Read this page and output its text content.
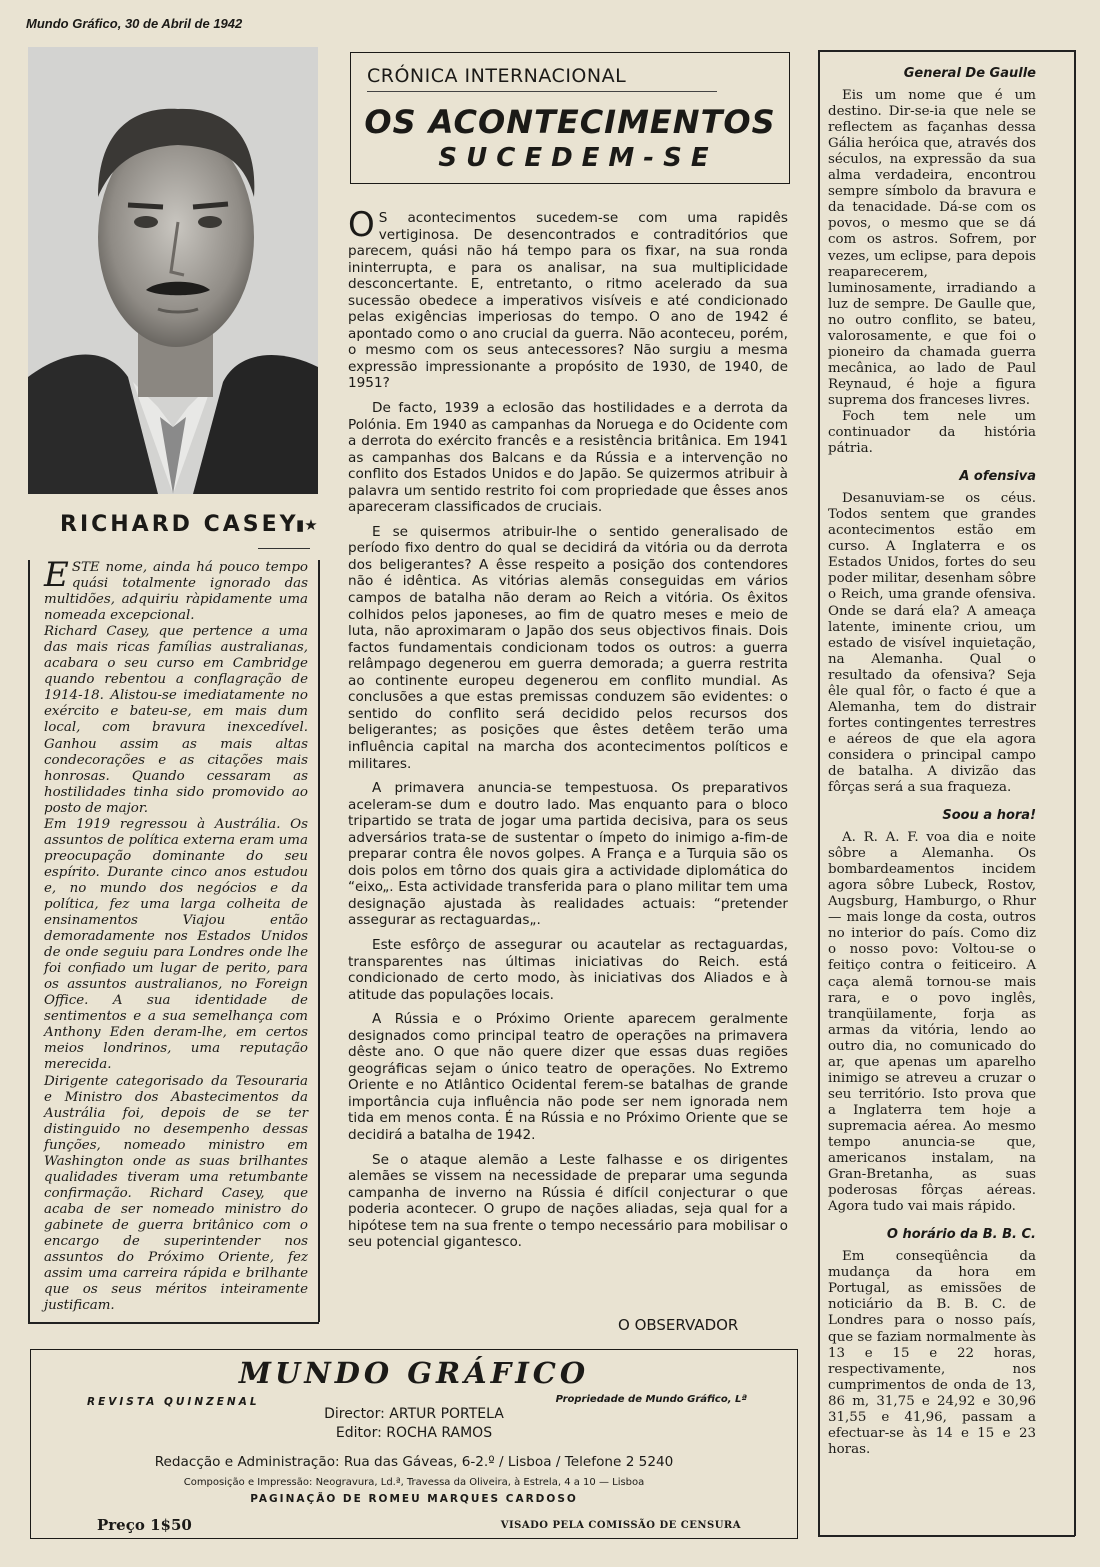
Mundo Gráfico, 30 de Abril de 1942
RICHARD CASEY
▮★

ESTE nome, ainda há pouco tempo quási totalmente ignorado das multidões, adquiriu ràpidamente uma nomeada excepcional.

Richard Casey, que pertence a uma das mais ricas famílias australianas, acabara o seu curso em Cambridge quando rebentou a conflagração de 1914-18. Alistou-se imediatamente no exército e bateu-se, em mais dum local, com bravura inexcedível. Ganhou assim as mais altas condecorações e as citações mais honrosas. Quando cessaram as hostilidades tinha sido promovido ao posto de major.

Em 1919 regressou à Austrália. Os assuntos de política externa eram uma preocupação dominante do seu espírito. Durante cinco anos estudou e, no mundo dos negócios e da política, fez uma larga colheita de ensinamentos Viajou então demoradamente nos Estados Unidos de onde seguiu para Londres onde lhe foi confiado um lugar de perito, para os assuntos australianos, no Foreign Office. A sua identidade de sentimentos e a sua semelhança com Anthony Eden deram-lhe, em certos meios londrinos, uma reputação merecida.

Dirigente categorisado da Tesouraria e Ministro dos Abastecimentos da Austrália foi, depois de se ter distinguido no desempenho dessas funções, nomeado ministro em Washington onde as suas brilhantes qualidades tiveram uma retumbante confirmação. Richard Casey, que acaba de ser nomeado ministro do gabinete de guerra britânico com o encargo de superintender nos assuntos do Próximo Oriente, fez assim uma carreira rápida e brilhante que os seus méritos inteiramente justificam.

CRÓNICA INTERNACIONAL
OS ACONTECIMENTOS
SUCEDEM-SE

O S acontecimentos sucedem-se com uma rapidês vertiginosa. De desencontrados e contraditórios que parecem, quási não há tempo para os fixar, na sua ronda ininterrupta, e para os analisar, na sua multiplicidade desconcertante. E, entretanto, o ritmo acelerado da sua sucessão obedece a imperativos visíveis e até condicionado pelas exigências imperiosas do tempo. O ano de 1942 é apontado como o ano crucial da guerra. Não aconteceu, porém, o mesmo com os seus antecessores? Não surgiu a mesma expressão impressionante a propósito de 1930, de 1940, de 1951?

De facto, 1939 a eclosão das hostilidades e a derrota da Polónia. Em 1940 as campanhas da Noruega e do Ocidente com a derrota do exército francês e a resistência britânica. Em 1941 as campanhas dos Balcans e da Rússia e a intervenção no conflito dos Estados Unidos e do Japão. Se quizermos atribuir à palavra um sentido restrito foi com propriedade que êsses anos apareceram classificados de cruciais.

E se quisermos atribuir-lhe o sentido generalisado de período fixo dentro do qual se decidirá da vitória ou da derrota dos beligerantes? A êsse respeito a posição dos contendores não é idêntica. As vitórias alemãs conseguidas em vários campos de batalha não deram ao Reich a vitória. Os êxitos colhidos pelos japoneses, ao fim de quatro meses e meio de luta, não aproximaram o Japão dos seus objectivos finais. Dois factos fundamentais condicionam todos os outros: a guerra relâmpago degenerou em guerra demorada; a guerra restrita ao continente europeu degenerou em conflito mundial. As conclusões a que estas premissas conduzem são evidentes: o sentido do conflito será decidido pelos recursos dos beligerantes; as posições que êstes detêem terão uma influência capital na marcha dos acontecimentos políticos e militares.

A primavera anuncia-se tempestuosa. Os preparativos aceleram-se dum e doutro lado. Mas enquanto para o bloco tripartido se trata de jogar uma partida decisiva, para os seus adversários trata-se de sustentar o ímpeto do inimigo a-fim-de preparar contra êle novos golpes. A França e a Turquia são os dois polos em tôrno dos quais gira a actividade diplomática do “eixo„. Esta actividade transferida para o plano militar tem uma designação ajustada às realidades actuais: “pretender assegurar as rectaguardas„.

Este esfôrço de assegurar ou acautelar as rectaguardas, transparentes nas últimas iniciativas do Reich. está condicionado de certo modo, às iniciativas dos Aliados e à atitude das populações locais.

A Rússia e o Próximo Oriente aparecem geralmente designados como principal teatro de operações na primavera dêste ano. O que não quere dizer que essas duas regiões geográficas sejam o único teatro de operações. No Extremo Oriente e no Atlântico Ocidental ferem-se batalhas de grande importância cuja influência não pode ser nem ignorada nem tida em menos conta. É na Rússia e no Próximo Oriente que se decidirá a batalha de 1942.

Se o ataque alemão a Leste falhasse e os dirigentes alemães se vissem na necessidade de preparar uma segunda campanha de inverno na Rússia é difícil conjecturar o que poderia acontecer. O grupo de nações aliadas, seja qual for a hipótese tem na sua frente o tempo necessário para mobilisar o seu potencial gigantesco.

O OBSERVADOR
General De Gaulle

Eis um nome que é um destino. Dir-se-ia que nele se reflectem as façanhas dessa Gália heróica que, através dos séculos, na expressão da sua alma verdadeira, encontrou sempre símbolo da bravura e da tenacidade. Dá-se com os povos, o mesmo que se dá com os astros. Sofrem, por vezes, um eclipse, para depois reaparecerem, luminosamente, irradiando a luz de sempre. De Gaulle que, no outro conflito, se bateu, valorosamente, e que foi o pioneiro da chamada guerra mecânica, ao lado de Paul Reynaud, é hoje a figura suprema dos franceses livres.

Foch tem nele um continuador da história pátria.

A ofensiva

Desanuviam-se os céus. Todos sentem que grandes acontecimentos estão em curso. A Inglaterra e os Estados Unidos, fortes do seu poder militar, desenham sôbre o Reich, uma grande ofensiva. Onde se dará ela? A ameaça latente, iminente criou, um estado de visível inquietação, na Alemanha. Qual o resultado da ofensiva? Seja êle qual fôr, o facto é que a Alemanha, tem do distrair fortes contingentes terrestres e aéreos de que ela agora considera o principal campo de batalha. A divizão das fôrças será a sua fraqueza.

Soou a hora!

A. R. A. F. voa dia e noite sôbre a Alemanha. Os bombardeamentos incidem agora sôbre Lubeck, Rostov, Augsburg, Hamburgo, o Rhur — mais longe da costa, outros no interior do país. Como diz o nosso povo: Voltou-se o feitiço contra o feiticeiro. A caça alemã tornou-se mais rara, e o povo inglês, tranqüilamente, forja as armas da vitória, lendo ao outro dia, no comunicado do ar, que apenas um aparelho inimigo se atreveu a cruzar o seu território. Isto prova que a Inglaterra tem hoje a supremacia aérea. Ao mesmo tempo anuncia-se que, americanos instalam, na Gran-Bretanha, as suas poderosas fôrças aéreas. Agora tudo vai mais rápido.

O horário da B. B. C.

Em conseqüência da mudança da hora em Portugal, as emissões de noticiário da B. B. C. de Londres para o nosso país, que se faziam normalmente às 13 e 15 e 22 horas, respectivamente, nos cumprimentos de onda de 13, 86 m, 31,75 e 24,92 e 30,96 31,55 e 41,96, passam a efectuar-se às 14 e 15 e 23 horas.

MUNDO GRÁFICO
REVISTA QUINZENAL	Propriedade de Mundo Gráfico, Lª
Director: ARTUR PORTELA
Editor: ROCHA RAMOS
Redacção e Administração: Rua das Gáveas, 6-2.º / Lisboa / Telefone 2 5240
Composição e Impressão: Neogravura, Ld.ª, Travessa da Oliveira, à Estrela, 4 a 10 — Lisboa
PAGINAÇÃO DE ROMEU MARQUES CARDOSO
Preço 1$50	VISADO PELA COMISSÃO DE CENSURA
